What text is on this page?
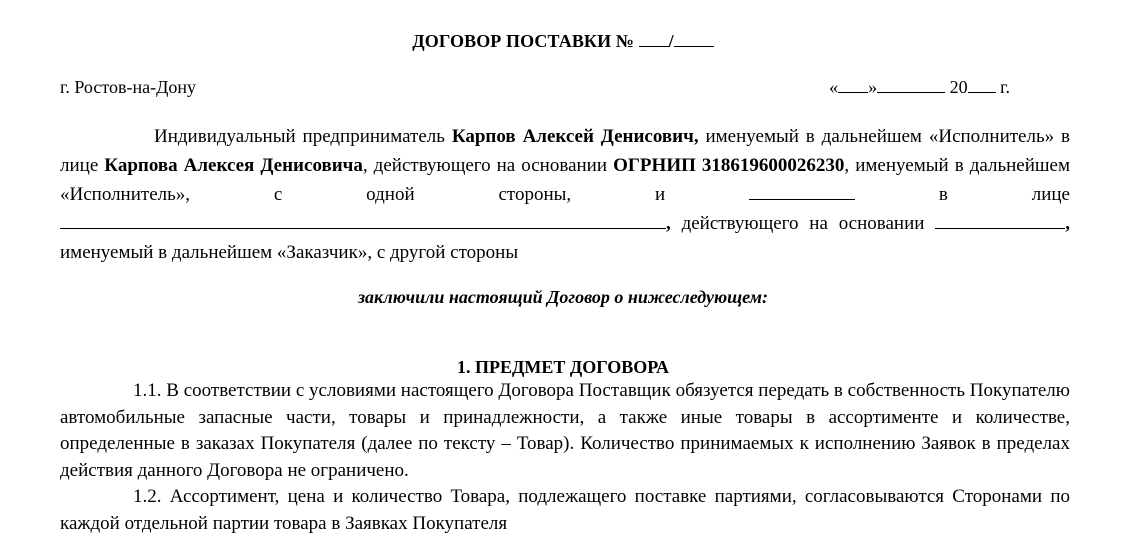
ДОГОВОР ПОСТАВКИ № /
г. Ростов-на-Дону	« »	20 г.
Индивидуальный предприниматель Карпов Алексей Денисович, именуемый в дальнейшем «Исполнитель» в лице Карпова Алексея Денисовича, действующего на основании ОГРНИП 318619600026230, именуемый в дальнейшем «Исполнитель», с одной стороны, и	в лице , действующего на основании	, именуемый в дальнейшем «Заказчик», с другой стороны
заключили настоящий Договор о нижеследующем:
1. ПРЕДМЕТ ДОГОВОРА

1.1. В соответствии с условиями настоящего Договора Поставщик обязуется передать в собственность Покупателю автомобильные запасные части, товары и принадлежности, а также иные товары в ассортименте и количестве, определенные в заказах Покупателя (далее по тексту – Товар). Количество принимаемых к исполнению Заявок в пределах действия данного Договора не ограничено.

1.2. Ассортимент, цена и количество Товара, подлежащего поставке партиями, согласовываются Сторонами по каждой отдельной партии товара в Заявках Покупателя
